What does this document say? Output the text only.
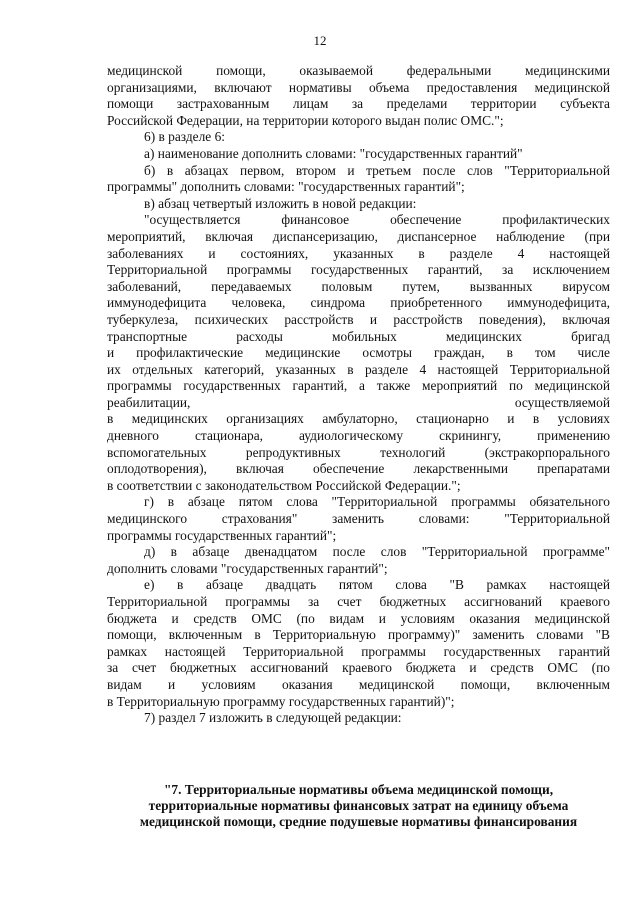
12
медицинской помощи, оказываемой федеральными медицинскими
организациями, включают нормативы объема предоставления медицинской
помощи застрахованным лицам за пределами территории субъекта
Российской Федерации, на территории которого выдан полис ОМС.";
6) в разделе 6:
а) наименование дополнить словами: "государственных гарантий"
б) в абзацах первом, втором и третьем после слов "Территориальной
программы" дополнить словами: "государственных гарантий";
в) абзац четвертый изложить в новой редакции:
"осуществляется финансовое обеспечение профилактических
мероприятий, включая диспансеризацию, диспансерное наблюдение (при
заболеваниях и состояниях, указанных в разделе 4 настоящей
Территориальной программы государственных гарантий, за исключением
заболеваний, передаваемых половым путем, вызванных вирусом
иммунодефицита человека, синдрома приобретенного иммунодефицита,
туберкулеза, психических расстройств и расстройств поведения), включая
транспортные расходы мобильных медицинских бригад
и профилактические медицинские осмотры граждан, в том числе
их отдельных категорий, указанных в разделе 4 настоящей Территориальной
программы государственных гарантий, а также мероприятий по медицинской
реабилитации, осуществляемой
в медицинских организациях амбулаторно, стационарно и в условиях
дневного стационара, аудиологическому скринингу, применению
вспомогательных репродуктивных технологий (экстракорпорального
оплодотворения), включая обеспечение лекарственными препаратами
в соответствии с законодательством Российской Федерации.";
г) в абзаце пятом слова "Территориальной программы обязательного
медицинского страхования" заменить словами: "Территориальной
программы государственных гарантий";
д) в абзаце двенадцатом после слов "Территориальной программе"
дополнить словами "государственных гарантий";
е) в абзаце двадцать пятом слова "В рамках настоящей
Территориальной программы за счет бюджетных ассигнований краевого
бюджета и средств ОМС (по видам и условиям оказания медицинской
помощи, включенным в Территориальную программу)" заменить словами "В
рамках настоящей Территориальной программы государственных гарантий
за счет бюджетных ассигнований краевого бюджета и средств ОМС (по
видам и условиям оказания медицинской помощи, включенным
в Территориальную программу государственных гарантий)";
7) раздел 7 изложить в следующей редакции:
"7. Территориальные нормативы объема медицинской помощи,
территориальные нормативы финансовых затрат на единицу объема
медицинской помощи, средние подушевые нормативы финансирования
